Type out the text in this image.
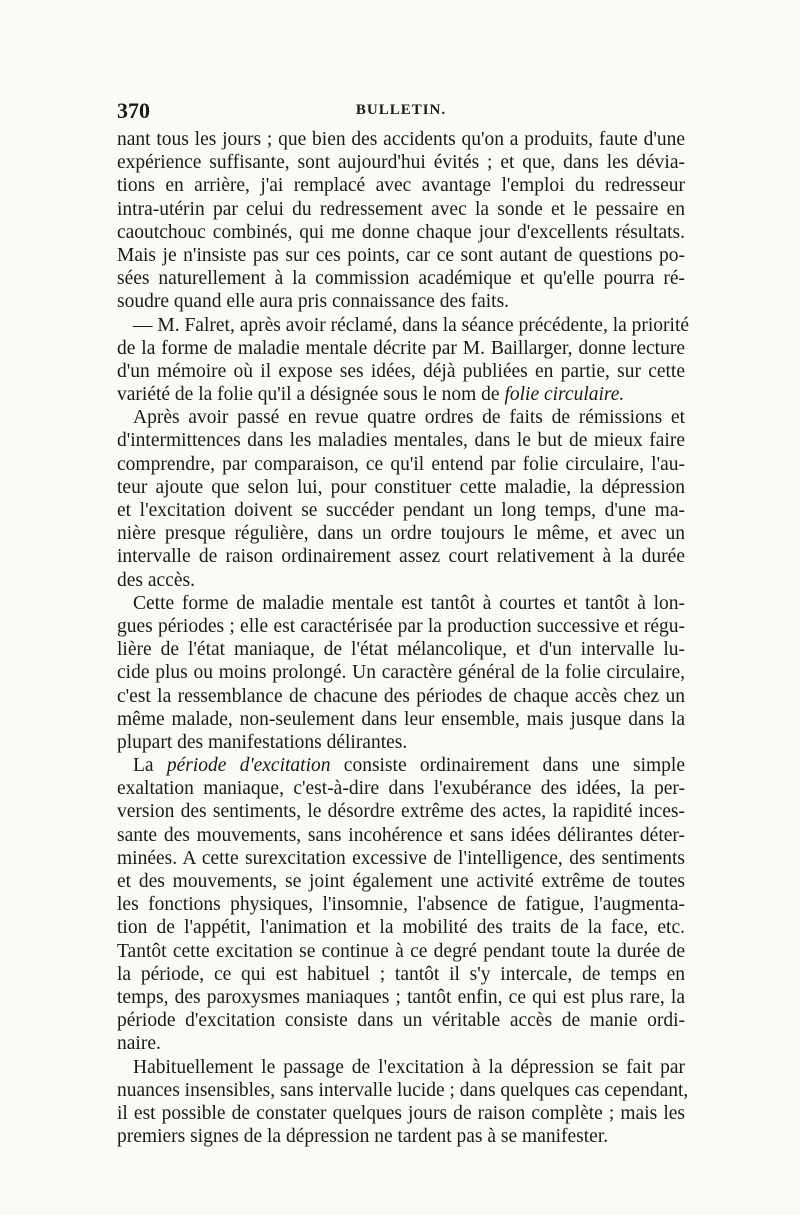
370	BULLETIN.
nant tous les jours ; que bien des accidents qu'on a produits, faute d'une
expérience suffisante, sont aujourd'hui évités ; et que, dans les dévia-
tions en arrière, j'ai remplacé avec avantage l'emploi du redresseur
intra-utérin par celui du redressement avec la sonde et le pessaire en
caoutchouc combinés, qui me donne chaque jour d'excellents résultats.
Mais je n'insiste pas sur ces points, car ce sont autant de questions po-
sées naturellement à la commission académique et qu'elle pourra ré-
soudre quand elle aura pris connaissance des faits.
— M. Falret, après avoir réclamé, dans la séance précédente, la priorité
de la forme de maladie mentale décrite par M. Baillarger, donne lecture
d'un mémoire où il expose ses idées, déjà publiées en partie, sur cette
variété de la folie qu'il a désignée sous le nom de folie circulaire.
Après avoir passé en revue quatre ordres de faits de rémissions et
d'intermittences dans les maladies mentales, dans le but de mieux faire
comprendre, par comparaison, ce qu'il entend par folie circulaire, l'au-
teur ajoute que selon lui, pour constituer cette maladie, la dépression
et l'excitation doivent se succéder pendant un long temps, d'une ma-
nière presque régulière, dans un ordre toujours le même, et avec un
intervalle de raison ordinairement assez court relativement à la durée
des accès.
Cette forme de maladie mentale est tantôt à courtes et tantôt à lon-
gues périodes ; elle est caractérisée par la production successive et régu-
lière de l'état maniaque, de l'état mélancolique, et d'un intervalle lu-
cide plus ou moins prolongé. Un caractère général de la folie circulaire,
c'est la ressemblance de chacune des périodes de chaque accès chez un
même malade, non-seulement dans leur ensemble, mais jusque dans la
plupart des manifestations délirantes.
La période d'excitation consiste ordinairement dans une simple
exaltation maniaque, c'est-à-dire dans l'exubérance des idées, la per-
version des sentiments, le désordre extrême des actes, la rapidité inces-
sante des mouvements, sans incohérence et sans idées délirantes déter-
minées. A cette surexcitation excessive de l'intelligence, des sentiments
et des mouvements, se joint également une activité extrême de toutes
les fonctions physiques, l'insomnie, l'absence de fatigue, l'augmenta-
tion de l'appétit, l'animation et la mobilité des traits de la face, etc.
Tantôt cette excitation se continue à ce degré pendant toute la durée de
la période, ce qui est habituel ; tantôt il s'y intercale, de temps en
temps, des paroxysmes maniaques ; tantôt enfin, ce qui est plus rare, la
période d'excitation consiste dans un véritable accès de manie ordi-
naire.
Habituellement le passage de l'excitation à la dépression se fait par
nuances insensibles, sans intervalle lucide ; dans quelques cas cependant,
il est possible de constater quelques jours de raison complète ; mais les
premiers signes de la dépression ne tardent pas à se manifester.
